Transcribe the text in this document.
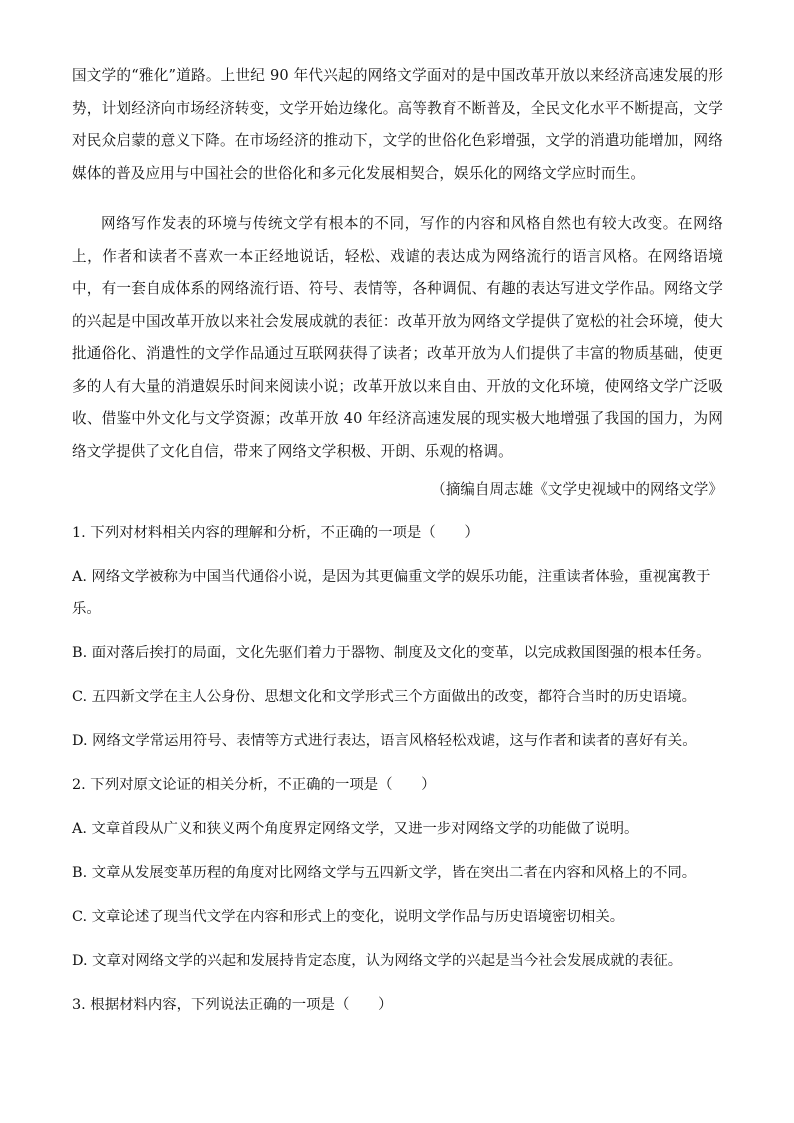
国文学的“雅化”道路。上世纪 90 年代兴起的网络文学面对的是中国改革开放以来经济高速发展的形势，计划经济向市场经济转变，文学开始边缘化。高等教育不断普及，全民文化水平不断提高，文学对民众启蒙的意义下降。在市场经济的推动下，文学的世俗化色彩增强，文学的消遣功能增加，网络媒体的普及应用与中国社会的世俗化和多元化发展相契合，娱乐化的网络文学应时而生。

网络写作发表的环境与传统文学有根本的不同，写作的内容和风格自然也有较大改变。在网络上，作者和读者不喜欢一本正经地说话，轻松、戏谑的表达成为网络流行的语言风格。在网络语境中，有一套自成体系的网络流行语、符号、表情等，各种调侃、有趣的表达写进文学作品。网络文学的兴起是中国改革开放以来社会发展成就的表征：改革开放为网络文学提供了宽松的社会环境，使大批通俗化、消遣性的文学作品通过互联网获得了读者；改革开放为人们提供了丰富的物质基础，使更多的人有大量的消遣娱乐时间来阅读小说；改革开放以来自由、开放的文化环境，使网络文学广泛吸收、借鉴中外文化与文学资源；改革开放 40 年经济高速发展的现实极大地增强了我国的国力，为网络文学提供了文化自信，带来了网络文学积极、开朗、乐观的格调。

（摘编自周志雄《文学史视域中的网络文学》

1. 下列对材料相关内容的理解和分析，不正确的一项是（　　）

A. 网络文学被称为中国当代通俗小说，是因为其更偏重文学的娱乐功能，注重读者体验，重视寓教于乐。

B. 面对落后挨打的局面，文化先驱们着力于器物、制度及文化的变革，以完成救国图强的根本任务。

C. 五四新文学在主人公身份、思想文化和文学形式三个方面做出的改变，都符合当时的历史语境。

D. 网络文学常运用符号、表情等方式进行表达，语言风格轻松戏谑，这与作者和读者的喜好有关。

2. 下列对原文论证的相关分析，不正确的一项是（　　）

A. 文章首段从广义和狭义两个角度界定网络文学，又进一步对网络文学的功能做了说明。

B. 文章从发展变革历程的角度对比网络文学与五四新文学，皆在突出二者在内容和风格上的不同。

C. 文章论述了现当代文学在内容和形式上的变化，说明文学作品与历史语境密切相关。

D. 文章对网络文学的兴起和发展持肯定态度，认为网络文学的兴起是当今社会发展成就的表征。

3. 根据材料内容，下列说法正确的一项是（　　）
